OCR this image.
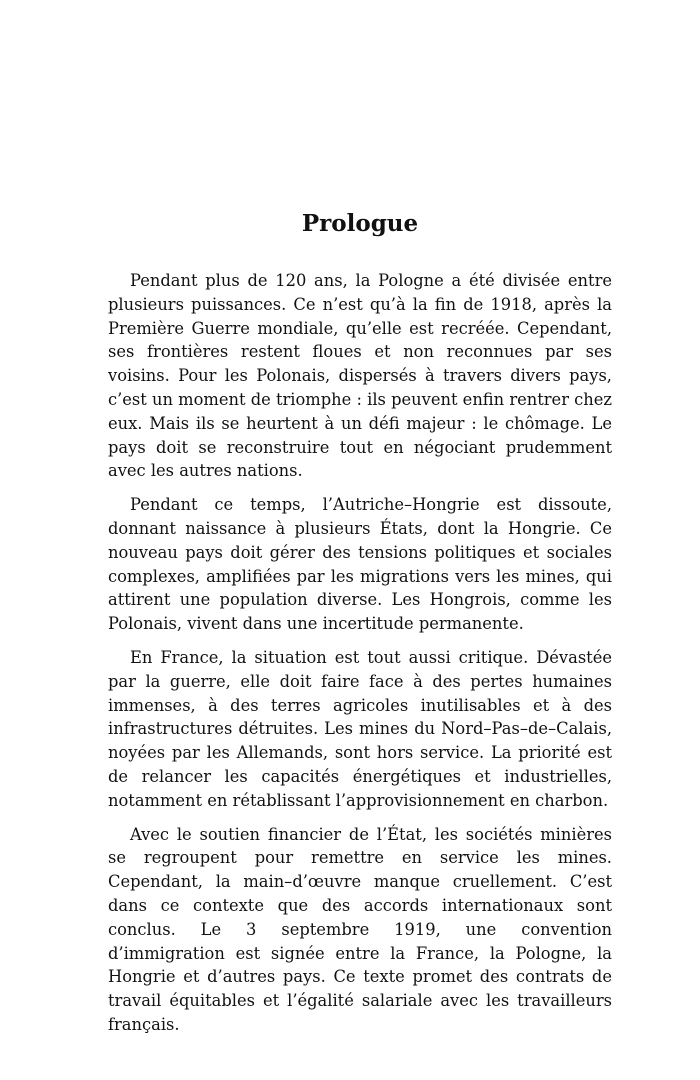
Prologue

Pendant plus de 120 ans, la Pologne a été divisée entre plusieurs puissances. Ce n’est qu’à la fin de 1918, après la Première Guerre mondiale, qu’elle est recréée. Cependant, ses frontières restent floues et non reconnues par ses voisins. Pour les Polonais, dispersés à travers divers pays, c’est un moment de triomphe : ils peuvent enfin rentrer chez eux. Mais ils se heurtent à un défi majeur : le chômage. Le pays doit se reconstruire tout en négociant prudemment avec les autres nations.

Pendant ce temps, l’Autriche–Hongrie est dissoute, donnant naissance à plusieurs États, dont la Hongrie. Ce nouveau pays doit gérer des tensions politiques et sociales complexes, amplifiées par les migrations vers les mines, qui attirent une population diverse. Les Hongrois, comme les Polonais, vivent dans une incertitude permanente.

En France, la situation est tout aussi critique. Dévastée par la guerre, elle doit faire face à des pertes humaines immenses, à des terres agricoles inutilisables et à des infrastructures détruites. Les mines du Nord–Pas–de–Calais, noyées par les Allemands, sont hors service. La priorité est de relancer les capacités énergétiques et industrielles, notamment en rétablissant l’approvisionnement en charbon.

Avec le soutien financier de l’État, les sociétés minières se regroupent pour remettre en service les mines. Cependant, la main–d’œuvre manque cruellement. C’est dans ce contexte que des accords internationaux sont conclus. Le 3 septembre 1919, une convention d’immigration est signée entre la France, la Pologne, la Hongrie et d’autres pays. Ce texte promet des contrats de travail équitables et l’égalité salariale avec les travailleurs français.
